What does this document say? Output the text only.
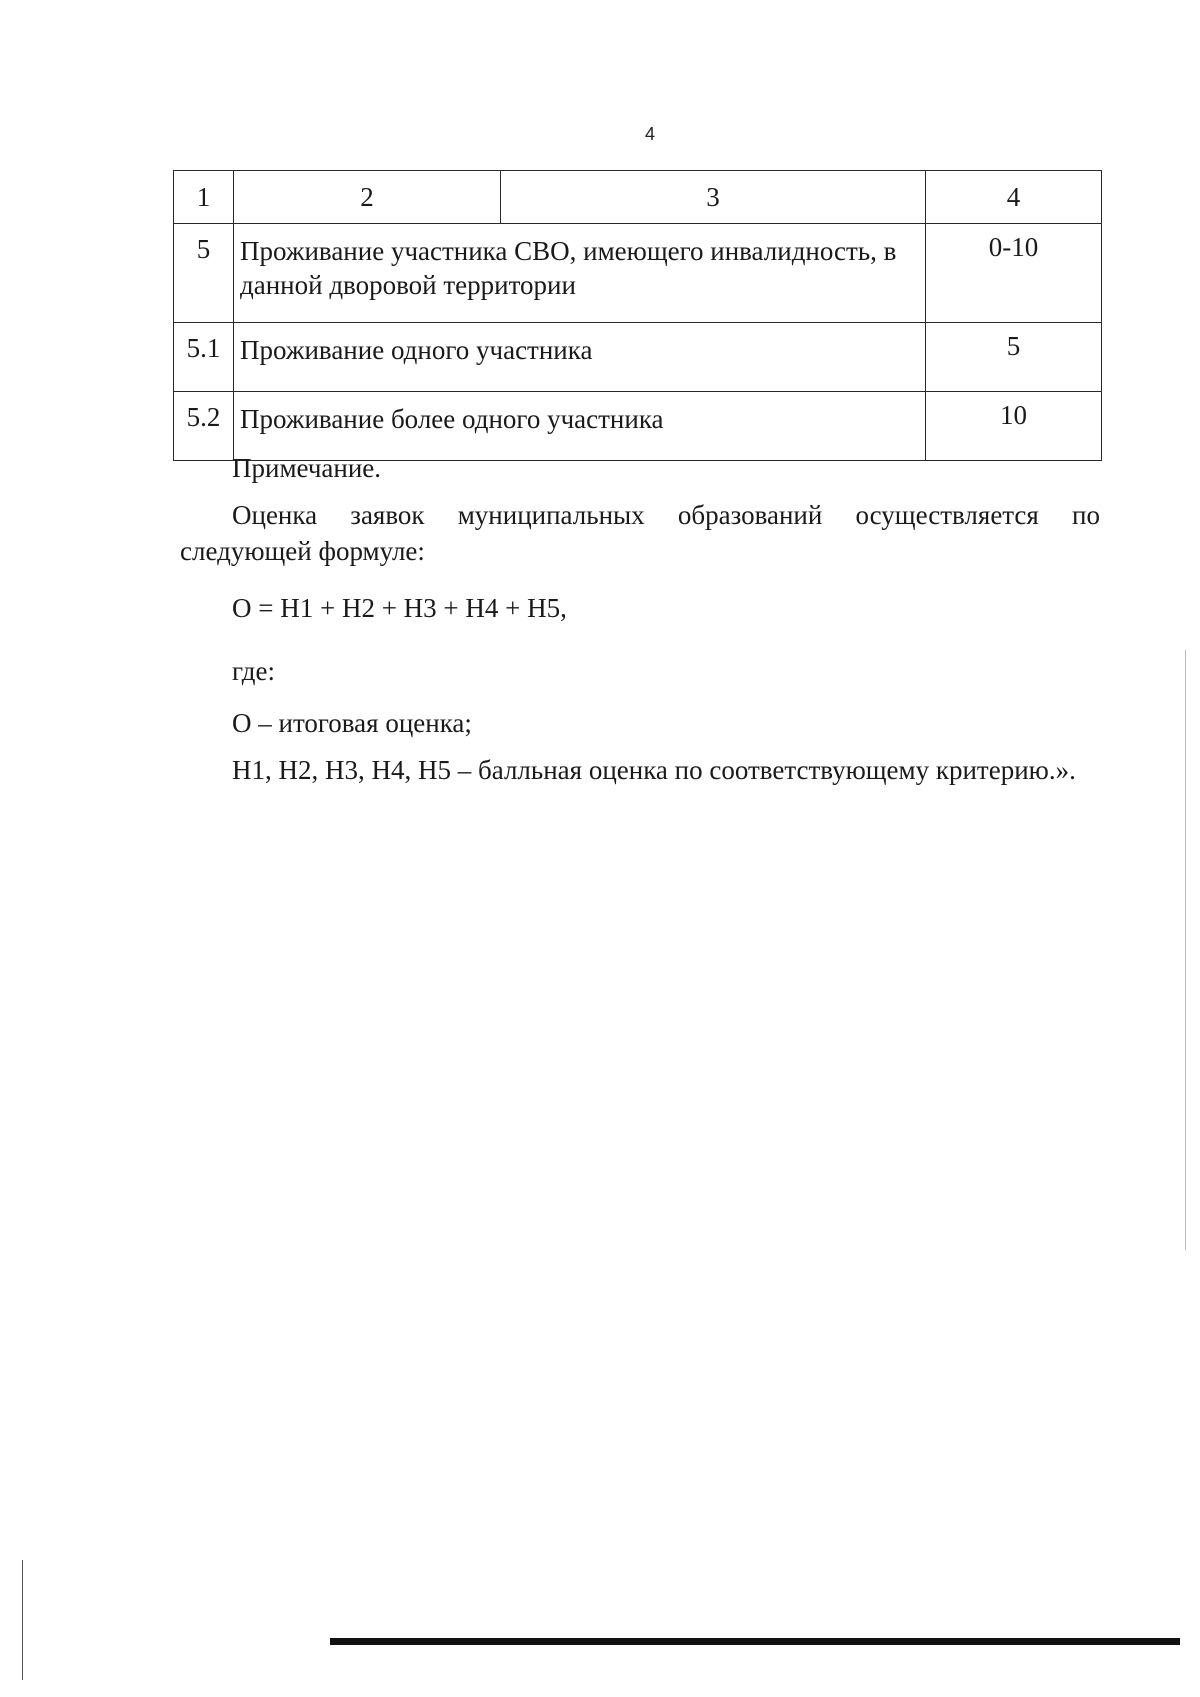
4
1	2	3	4
5	Проживание участника СВО, имеющего инвалидность, в данной дворовой территории		0-10
5.1	Проживание одного участника		5
5.2	Проживание более одного участника		10
Примечание.
Оценка заявок муниципальных образований осуществляется по следующей формуле:
О = Н1 + Н2 + Н3 + Н4 + Н5,
где:
О – итоговая оценка;
Н1, Н2, Н3, Н4, Н5 – балльная оценка по соответствующему критерию.».
